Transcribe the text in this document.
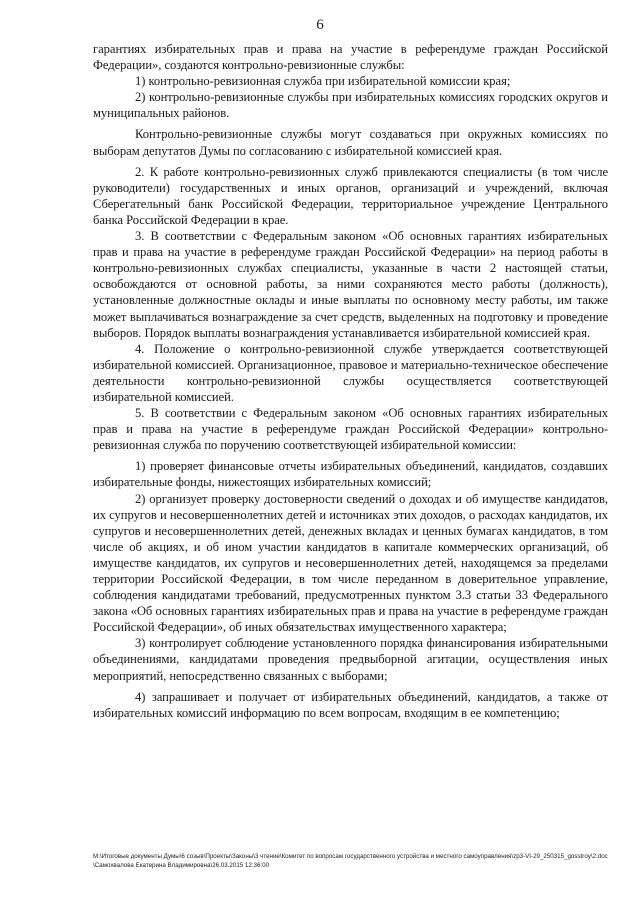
6

гарантиях избирательных прав и права на участие в референдуме граждан Российской Федерации», создаются контрольно-ревизионные службы:

1) контрольно-ревизионная служба при избирательной комиссии края;

2) контрольно-ревизионные службы при избирательных комиссиях городских округов и муниципальных районов.

Контрольно-ревизионные службы могут создаваться при окружных комиссиях по выборам депутатов Думы по согласованию с избирательной комиссией края.

2. К работе контрольно-ревизионных служб привлекаются специалисты (в том числе руководители) государственных и иных органов, организаций и учреждений, включая Сберегательный банк Российской Федерации, территориальное учреждение Центрального банка Российской Федерации в крае.

3. В соответствии с Федеральным законом «Об основных гарантиях избирательных прав и права на участие в референдуме граждан Российской Федерации» на период работы в контрольно-ревизионных службах специалисты, указанные в части 2 настоящей статьи, освобождаются от основной работы, за ними сохраняются место работы (должность), установленные должностные оклады и иные выплаты по основному месту работы, им также может выплачиваться вознаграждение за счет средств, выделенных на подготовку и проведение выборов. Порядок выплаты вознаграждения устанавливается избирательной комиссией края.

4. Положение о контрольно-ревизионной службе утверждается соответствующей избирательной комиссией. Организационное, правовое и материально-техническое обеспечение деятельности контрольно-ревизионной службы осуществляется соответствующей избирательной комиссией.

5. В соответствии с Федеральным законом «Об основных гарантиях избирательных прав и права на участие в референдуме граждан Российской Федерации» контрольно-ревизионная служба по поручению соответствующей избирательной комиссии:

1) проверяет финансовые отчеты избирательных объединений, кандидатов, создавших избирательные фонды, нижестоящих избирательных комиссий;

2) организует проверку достоверности сведений о доходах и об имуществе кандидатов, их супругов и несовершеннолетних детей и источниках этих доходов, о расходах кандидатов, их супругов и несовершеннолетних детей, денежных вкладах и ценных бумагах кандидатов, в том числе об акциях, и об ином участии кандидатов в капитале коммерческих организаций, об имуществе кандидатов, их супругов и несовершеннолетних детей, находящемся за пределами территории Российской Федерации, в том числе переданном в доверительное управление, соблюдения кандидатами требований, предусмотренных пунктом 3.3 статьи 33 Федерального закона «Об основных гарантиях избирательных прав и права на участие в референдуме граждан Российской Федерации», об иных обязательствах имущественного характера;

3) контролирует соблюдение установленного порядка финансирования избирательными объединениями, кандидатами проведения предвыборной агитации, осуществления иных мероприятий, непосредственно связанных с выборами;

4) запрашивает и получает от избирательных объединений, кандидатов, а также от избирательных комиссий информацию по всем вопросам, входящим в ее компетенцию;

M:\Итоговые документы Думы\6 созыв\Проекты\Законы\3 чтение\Комитет по вопросам государственного устройства и местного самоуправления\zp3-VI-29_250315_gosstroy\2.doc\Самохвалова Екатерина Владимировна\26.03.2015 12:36:00
